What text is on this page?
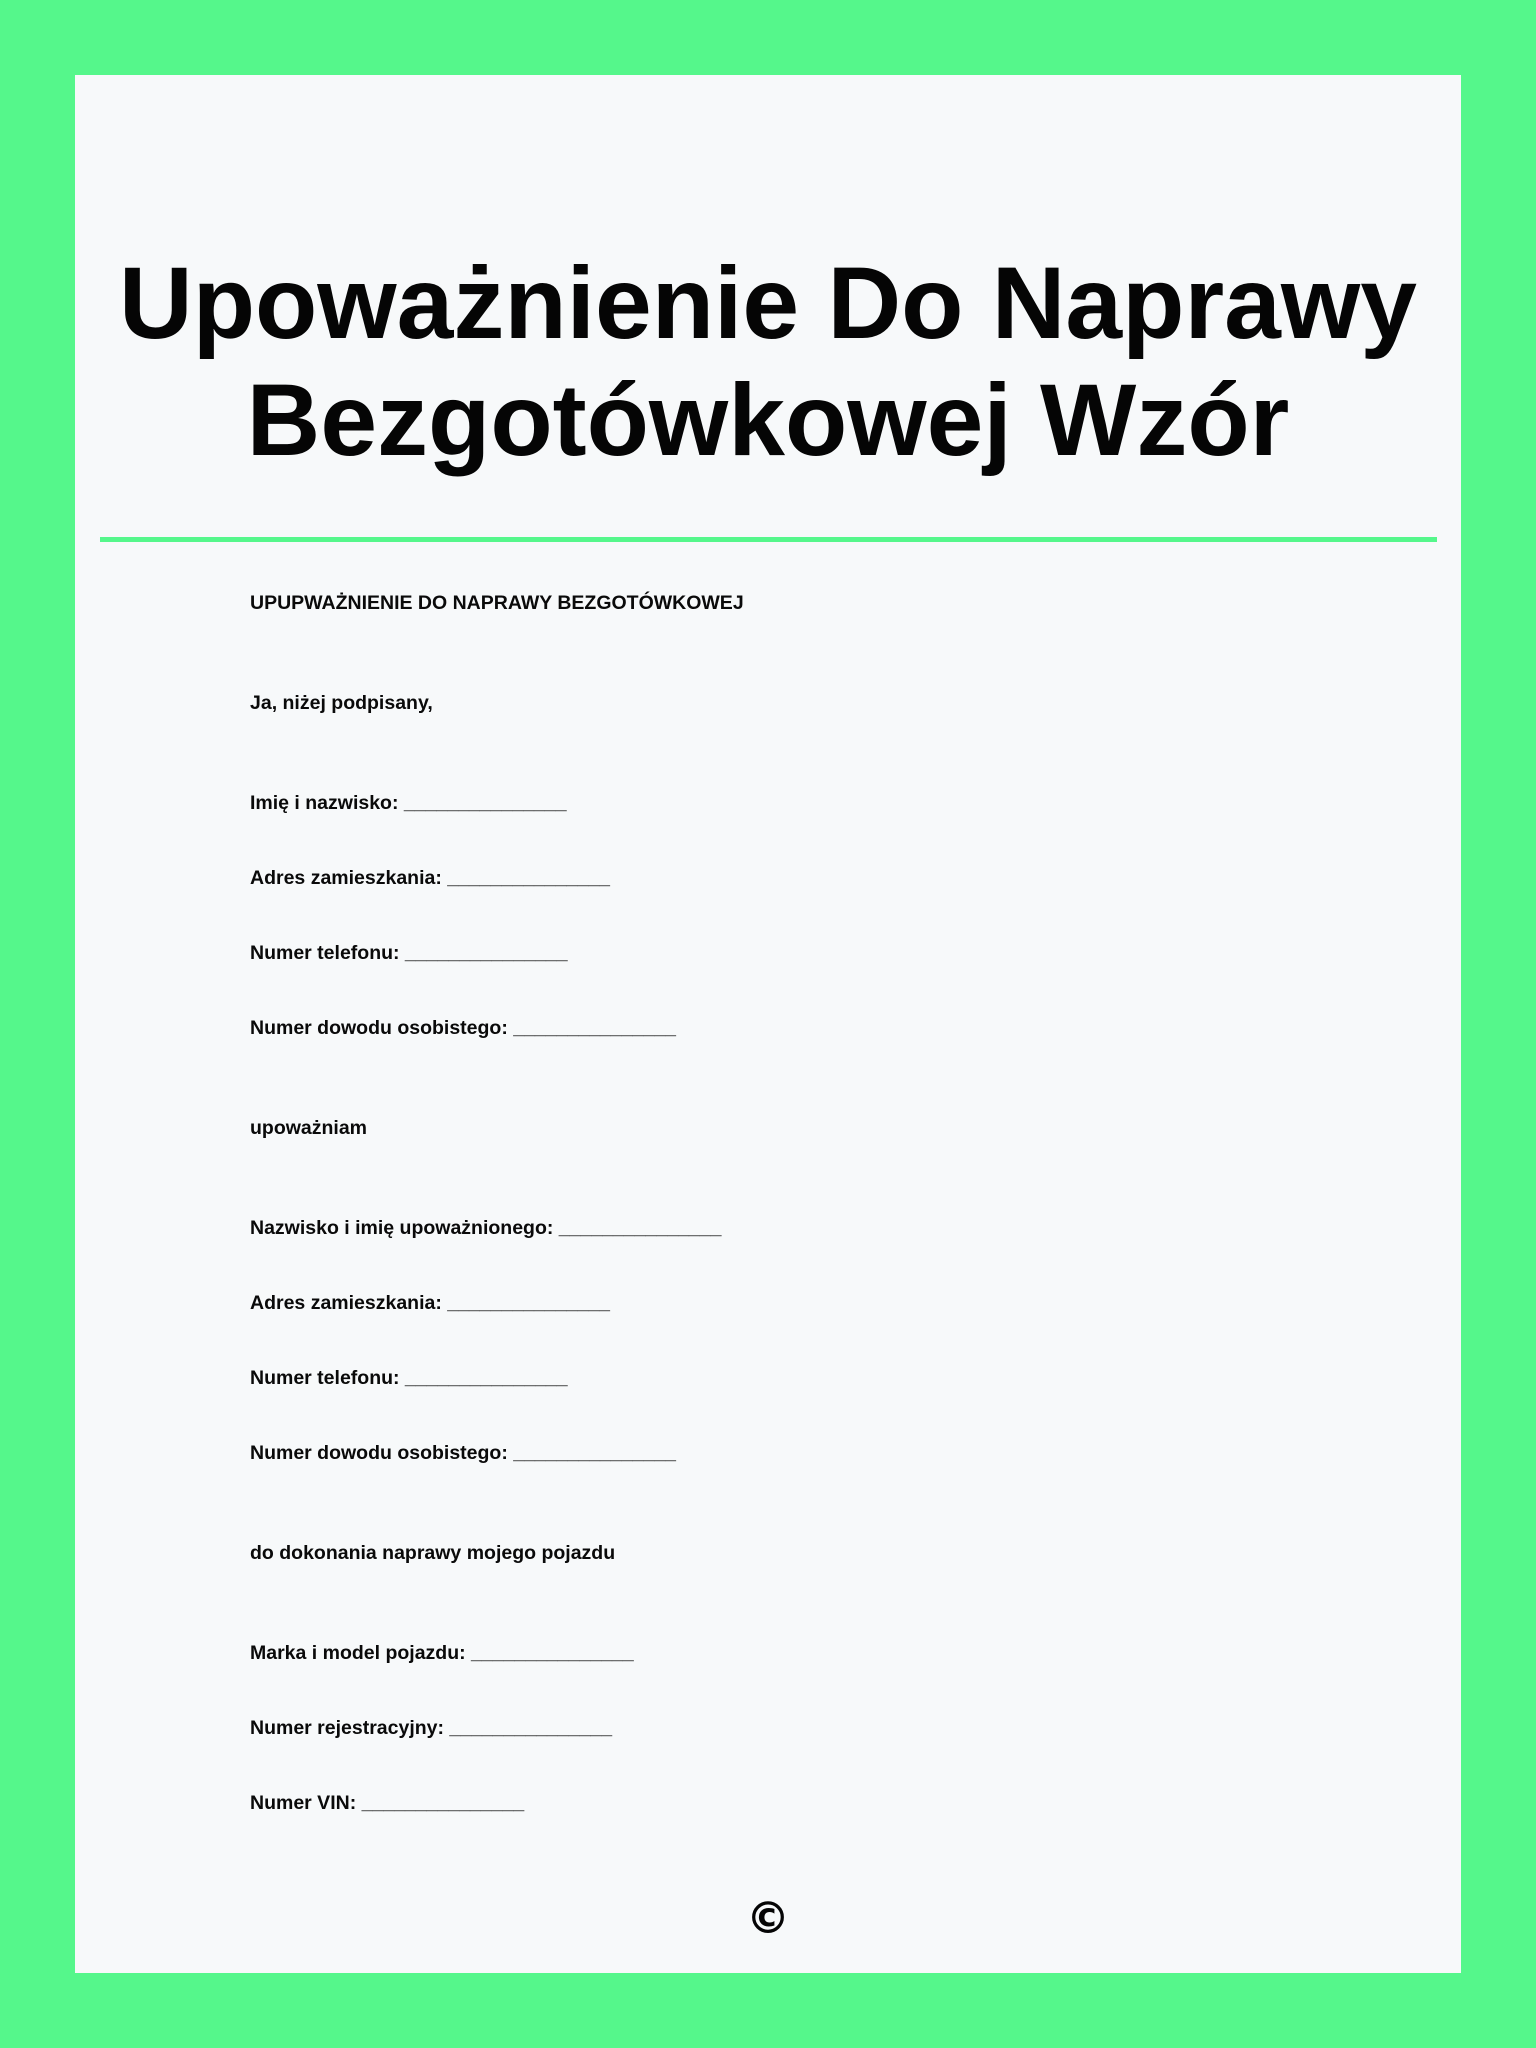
Upoważnienie Do Naprawy
Bezgotówkowej Wzór

UPUPWAŻNIENIE DO NAPRAWY BEZGOTÓWKOWEJ

Ja, niżej podpisany,

Imię i nazwisko: _______________

Adres zamieszkania: _______________

Numer telefonu: _______________

Numer dowodu osobistego: _______________

upoważniam

Nazwisko i imię upoważnionego: _______________

Adres zamieszkania: _______________

Numer telefonu: _______________

Numer dowodu osobistego: _______________

do dokonania naprawy mojego pojazdu

Marka i model pojazdu: _______________

Numer rejestracyjny: _______________

Numer VIN: _______________

©
